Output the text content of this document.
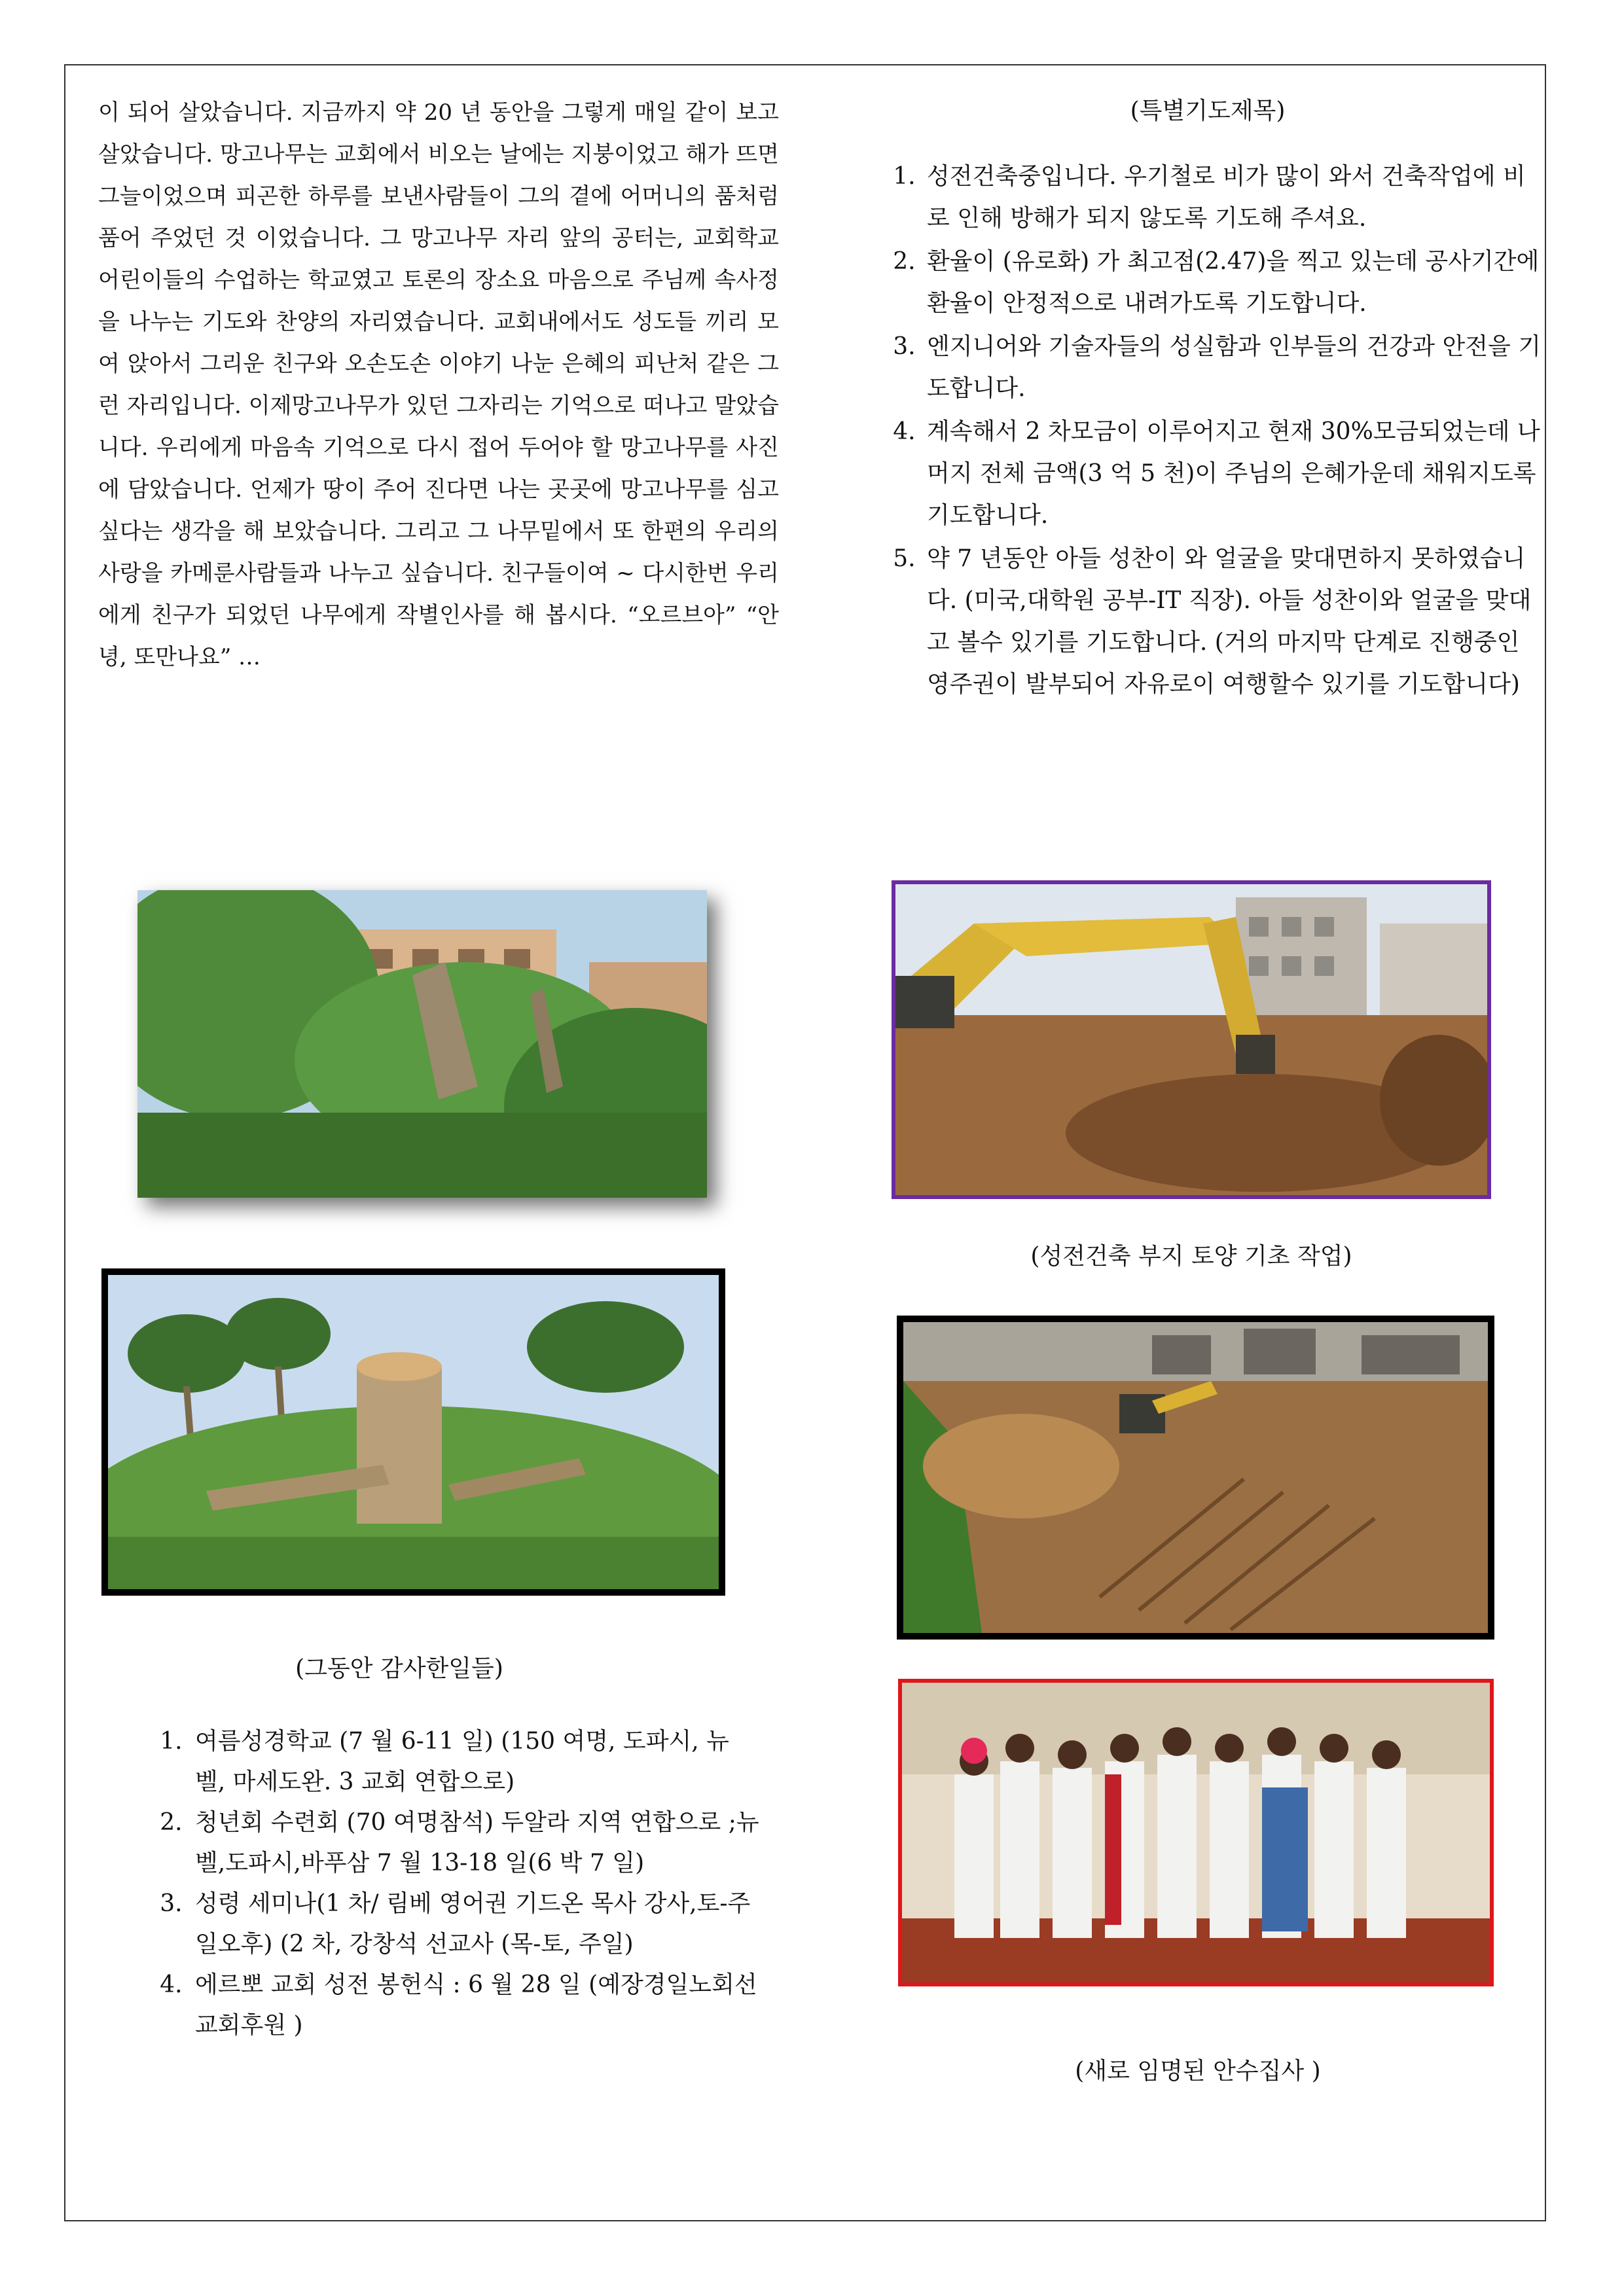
이 되어 살았습니다. 지금까지 약 20 년 동안을 그렇게 매일 같이 보고 살았습니다. 망고나무는 교회에서 비오는 날에는 지붕이었고 해가 뜨면 그늘이었으며 피곤한 하루를 보낸사람들이 그의 곁에 어머니의 품처럼 품어 주었던 것 이었습니다. 그 망고나무 자리 앞의 공터는, 교회학교 어린이들의 수업하는 학교였고 토론의 장소요 마음으로 주님께 속사정을 나누는 기도와 찬양의 자리였습니다. 교회내에서도 성도들 끼리 모여 앉아서 그리운 친구와 오손도손 이야기 나눈 은혜의 피난처 같은 그런 자리입니다. 이제망고나무가 있던 그자리는 기억으로 떠나고 말았습니다. 우리에게 마음속 기억으로 다시 접어 두어야 할 망고나무를 사진에 담았습니다. 언제가 땅이 주어 진다면 나는 곳곳에 망고나무를 심고 싶다는 생각을 해 보았습니다. 그리고 그 나무밑에서 또 한편의 우리의 사랑을 카메룬사람들과 나누고 싶습니다. 친구들이여 ~ 다시한번 우리에게 친구가 되었던 나무에게 작별인사를 해 봅시다. “오르브아” “안녕, 또만나요” …

(그동안 감사한일들)
1. 여름성경학교 (7 월 6-11 일) (150 여명, 도파시, 뉴벨, 마세도완. 3 교회 연합으로)
2. 청년회 수련회 (70 여명참석) 두알라 지역 연합으로 ;뉴벨,도파시,바푸삼 7 월 13-18 일(6 박 7 일)
3. 성령 세미나(1 차/ 림베 영어권 기드온 목사 강사,토-주일오후) (2 차, 강창석 선교사 (목-토, 주일)
4. 에르뽀 교회 성전 봉헌식 : 6 월 28 일 (예장경일노회선교회후원 )
(특별기도제목)
1. 성전건축중입니다. 우기철로 비가 많이 와서 건축작업에 비로 인해 방해가 되지 않도록 기도해 주셔요.
2. 환율이 (유로화) 가 최고점(2.47)을 찍고 있는데 공사기간에 환율이 안정적으로 내려가도록 기도합니다.
3. 엔지니어와 기술자들의 성실함과 인부들의 건강과 안전을 기도합니다.
4. 계속해서 2 차모금이 이루어지고 현재 30%모금되었는데 나머지 전체 금액(3 억 5 천)이 주님의 은혜가운데 채워지도록 기도합니다.
5. 약 7 년동안 아들 성찬이 와 얼굴을 맞대면하지 못하였습니다. (미국,대학원 공부-IT 직장). 아들 성찬이와 얼굴을 맞대고 볼수 있기를 기도합니다. (거의 마지막 단계로 진행중인 영주권이 발부되어 자유로이 여행할수 있기를 기도합니다)
(성전건축 부지 토양 기초 작업)
(새로 임명된 안수집사 )
